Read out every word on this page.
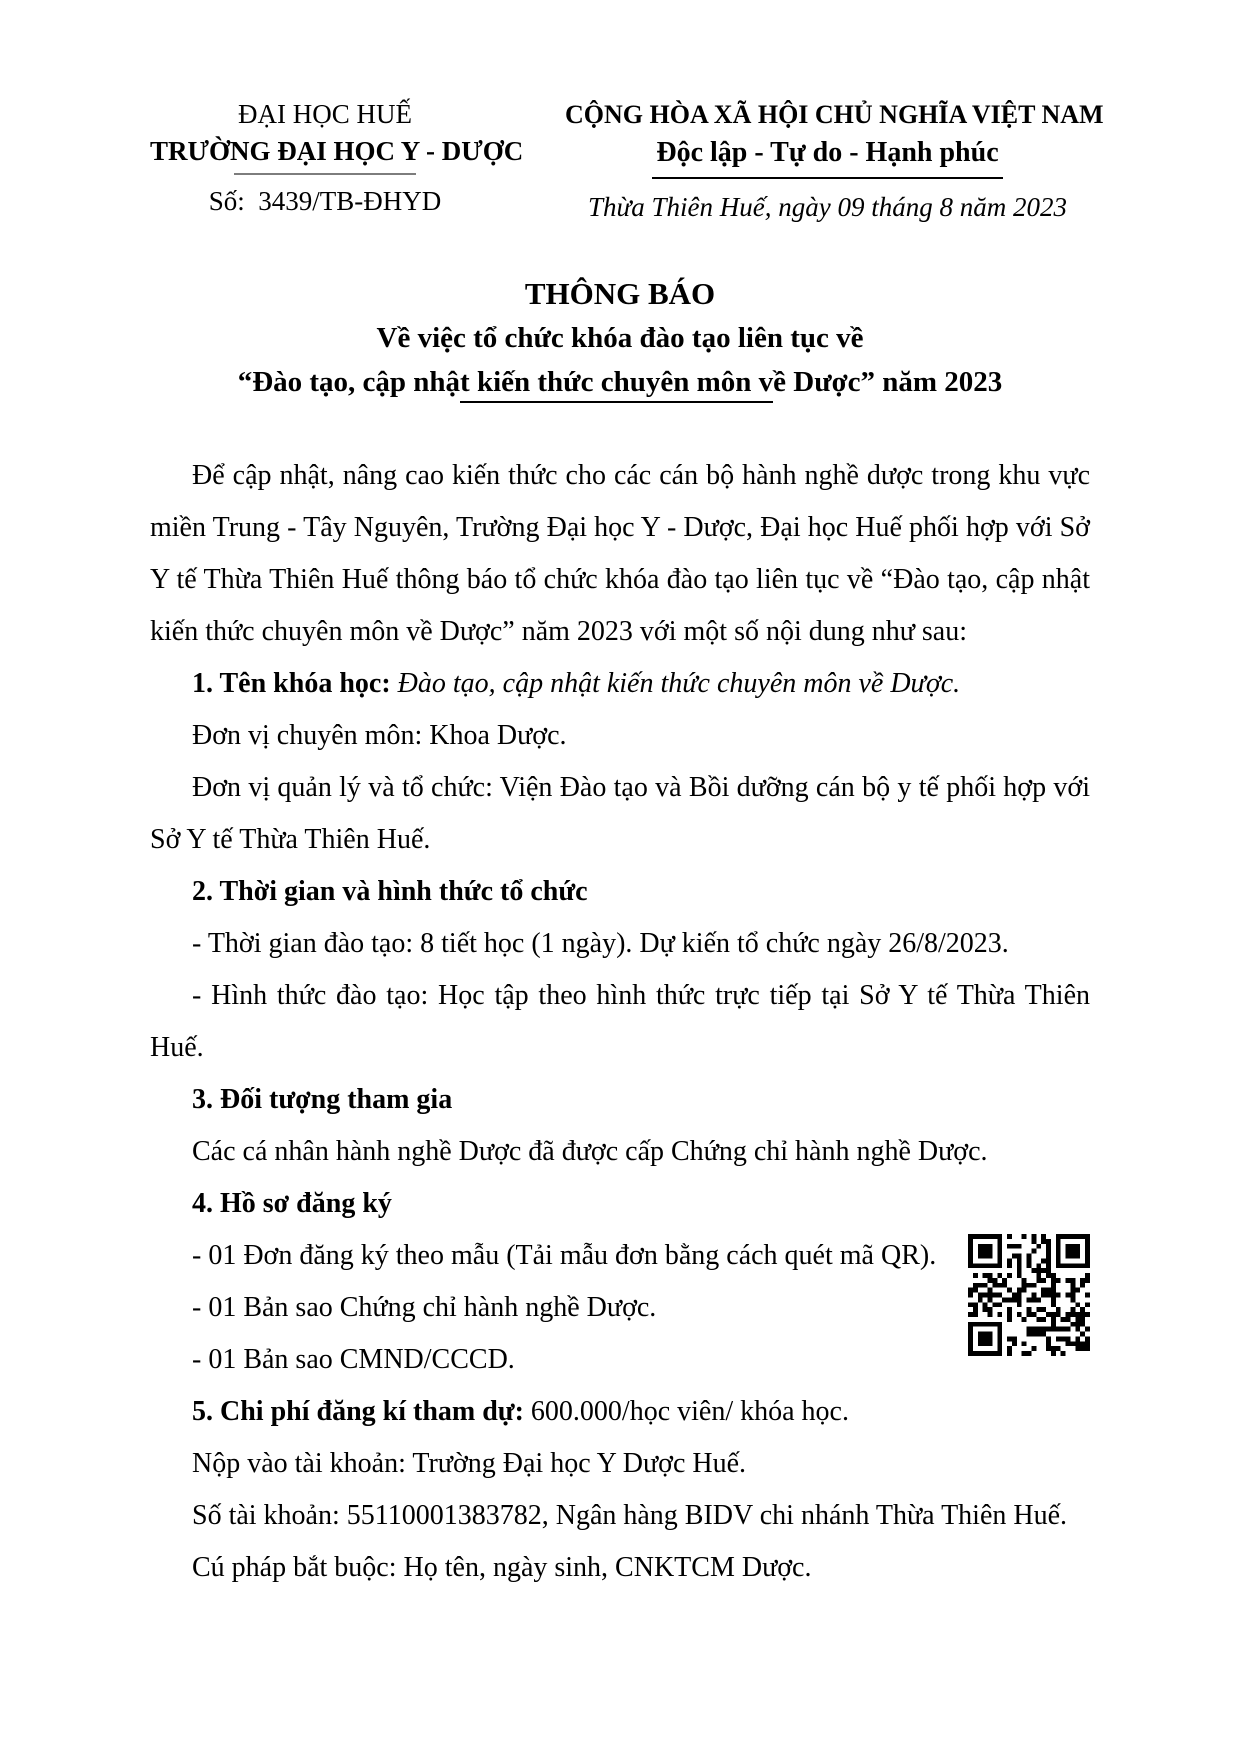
ĐẠI HỌC HUẾ
TRƯỜNG ĐẠI HỌC Y - DƯỢC
Số:  3439/TB-ĐHYD
CỘNG HÒA XÃ HỘI CHỦ NGHĨA VIỆT NAM
Độc lập - Tự do - Hạnh phúc
Thừa Thiên Huế, ngày 09 tháng 8 năm 2023
THÔNG BÁO
Về việc tổ chức khóa đào tạo liên tục về
“Đào tạo, cập nhật kiến thức chuyên môn về Dược” năm 2023

Để cập nhật, nâng cao kiến thức cho các cán bộ hành nghề dược trong khu vực miền Trung - Tây Nguyên, Trường Đại học Y - Dược, Đại học Huế phối hợp với Sở Y tế Thừa Thiên Huế thông báo tổ chức khóa đào tạo liên tục về “Đào tạo, cập nhật kiến thức chuyên môn về Dược” năm 2023 với một số nội dung như sau:

1. Tên khóa học: Đào tạo, cập nhật kiến thức chuyên môn về Dược.

Đơn vị chuyên môn: Khoa Dược.

Đơn vị quản lý và tổ chức: Viện Đào tạo và Bồi dưỡng cán bộ y tế phối hợp với Sở Y tế Thừa Thiên Huế.

2. Thời gian và hình thức tổ chức

- Thời gian đào tạo: 8 tiết học (1 ngày). Dự kiến tổ chức ngày 26/8/2023.

- Hình thức đào tạo: Học tập theo hình thức trực tiếp tại Sở Y tế Thừa Thiên Huế.

3. Đối tượng tham gia

Các cá nhân hành nghề Dược đã được cấp Chứng chỉ hành nghề Dược.

4. Hồ sơ đăng ký

- 01 Đơn đăng ký theo mẫu (Tải mẫu đơn bằng cách quét mã QR).

- 01 Bản sao Chứng chỉ hành nghề Dược.

- 01 Bản sao CMND/CCCD.

5. Chi phí đăng kí tham dự: 600.000/học viên/ khóa học.

Nộp vào tài khoản: Trường Đại học Y Dược Huế.

Số tài khoản: 55110001383782, Ngân hàng BIDV chi nhánh Thừa Thiên Huế.

Cú pháp bắt buộc: Họ tên, ngày sinh, CNKTCM Dược.
